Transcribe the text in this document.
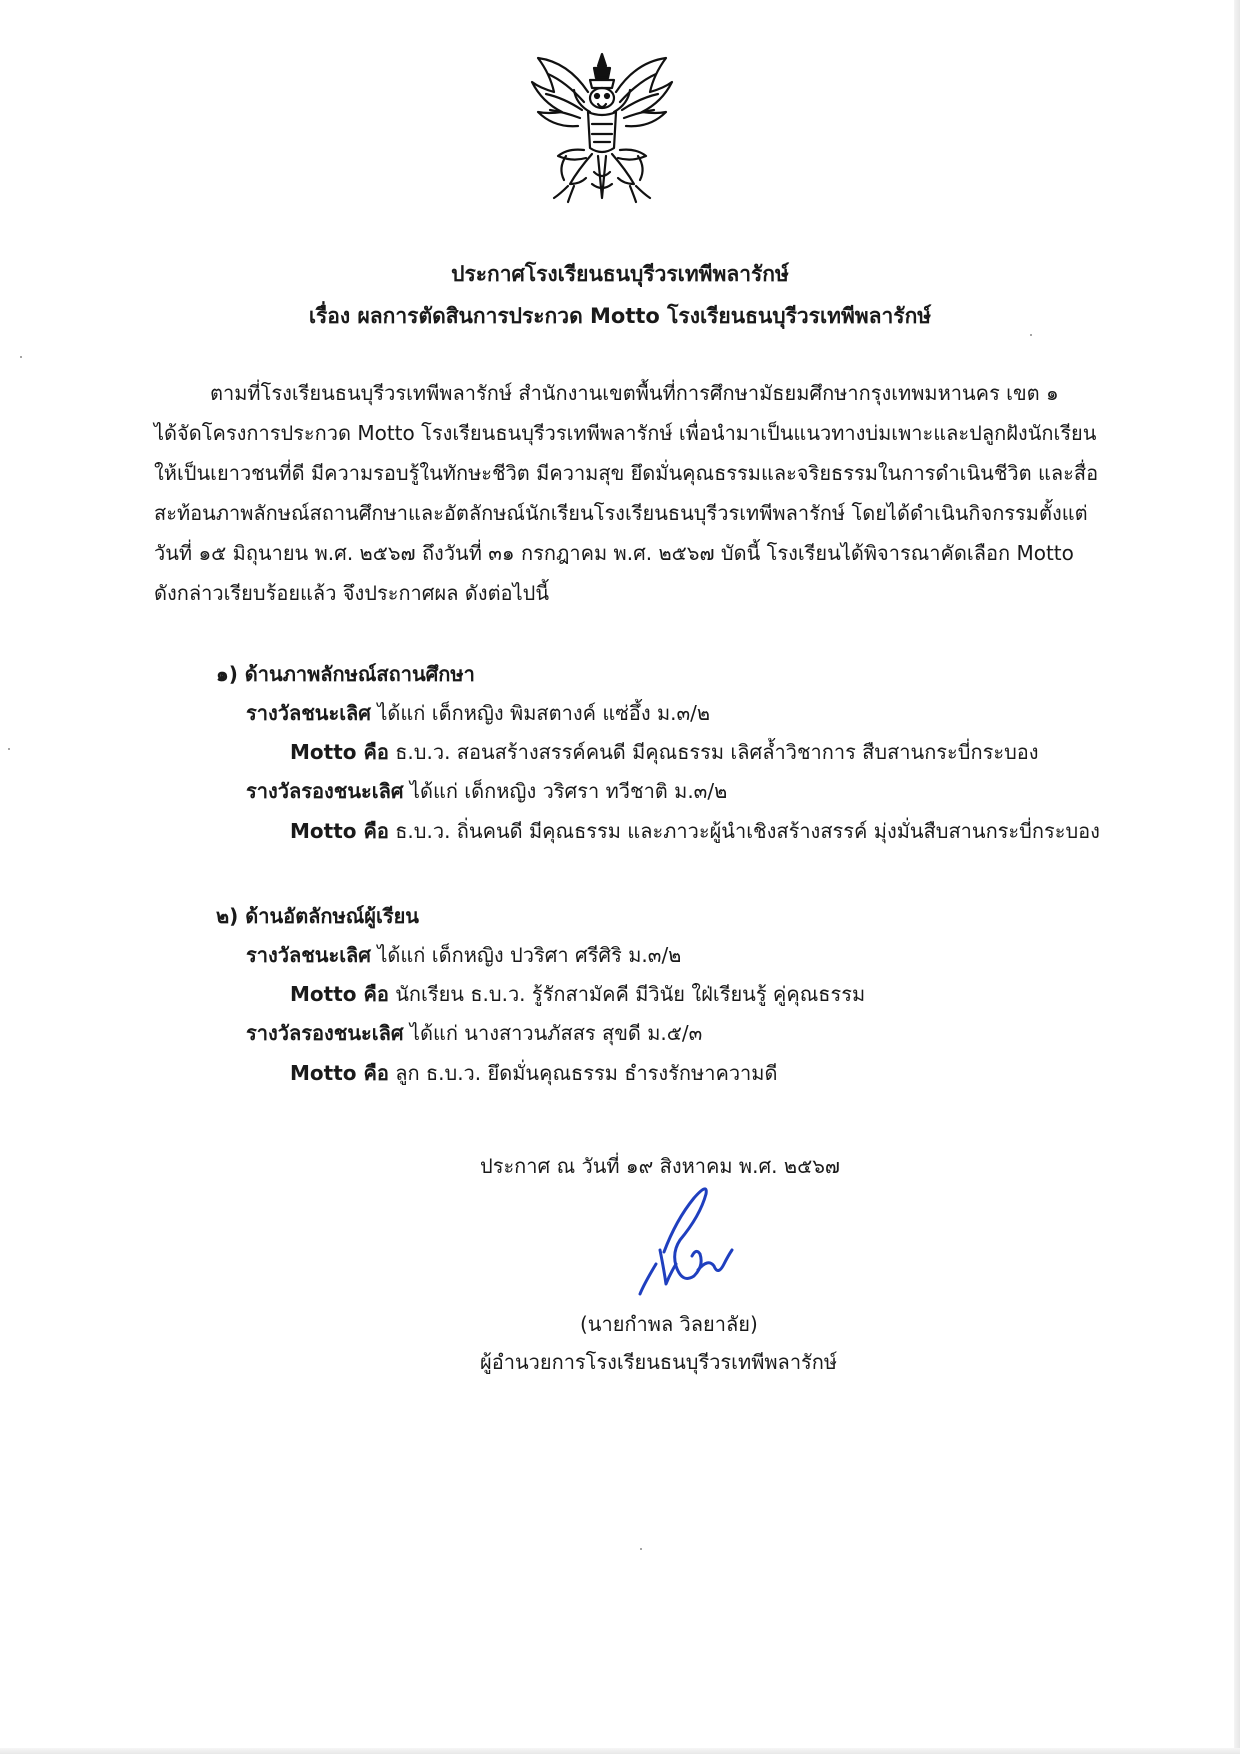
ประกาศโรงเรียนธนบุรีวรเทพีพลารักษ์
เรื่อง ผลการตัดสินการประกวด Motto โรงเรียนธนบุรีวรเทพีพลารักษ์
ตามที่โรงเรียนธนบุรีวรเทพีพลารักษ์ สำนักงานเขตพื้นที่การศึกษามัธยมศึกษากรุงเทพมหานคร เขต ๑
ได้จัดโครงการประกวด Motto โรงเรียนธนบุรีวรเทพีพลารักษ์ เพื่อนำมาเป็นแนวทางบ่มเพาะและปลูกฝังนักเรียน
ให้เป็นเยาวชนที่ดี มีความรอบรู้ในทักษะชีวิต มีความสุข ยึดมั่นคุณธรรมและจริยธรรมในการดำเนินชีวิต และสื่อ
สะท้อนภาพลักษณ์สถานศึกษาและอัตลักษณ์นักเรียนโรงเรียนธนบุรีวรเทพีพลารักษ์ โดยได้ดำเนินกิจกรรมตั้งแต่
วันที่ ๑๕ มิถุนายน พ.ศ. ๒๕๖๗ ถึงวันที่ ๓๑ กรกฎาคม พ.ศ. ๒๕๖๗ บัดนี้ โรงเรียนได้พิจารณาคัดเลือก Motto
ดังกล่าวเรียบร้อยแล้ว จึงประกาศผล ดังต่อไปนี้
๑) ด้านภาพลักษณ์สถานศึกษา
รางวัลชนะเลิศ ได้แก่ เด็กหญิง พิมสตางค์ แซ่อึ้ง ม.๓/๒
Motto คือ ธ.บ.ว. สอนสร้างสรรค์คนดี มีคุณธรรม เลิศล้ำวิชาการ สืบสานกระบี่กระบอง
รางวัลรองชนะเลิศ ได้แก่ เด็กหญิง วริศรา ทวีชาติ ม.๓/๒
Motto คือ ธ.บ.ว. ถิ่นคนดี มีคุณธรรม และภาวะผู้นำเชิงสร้างสรรค์ มุ่งมั่นสืบสานกระบี่กระบอง
๒) ด้านอัตลักษณ์ผู้เรียน
รางวัลชนะเลิศ ได้แก่ เด็กหญิง ปวริศา ศรีศิริ ม.๓/๒
Motto คือ นักเรียน ธ.บ.ว. รู้รักสามัคคี มีวินัย ใฝ่เรียนรู้ คู่คุณธรรม
รางวัลรองชนะเลิศ ได้แก่ นางสาวนภัสสร สุขดี ม.๕/๓
Motto คือ ลูก ธ.บ.ว. ยึดมั่นคุณธรรม ธำรงรักษาความดี
ประกาศ ณ วันที่ ๑๙ สิงหาคม พ.ศ. ๒๕๖๗
(นายกำพล วิลยาลัย)
ผู้อำนวยการโรงเรียนธนบุรีวรเทพีพลารักษ์
